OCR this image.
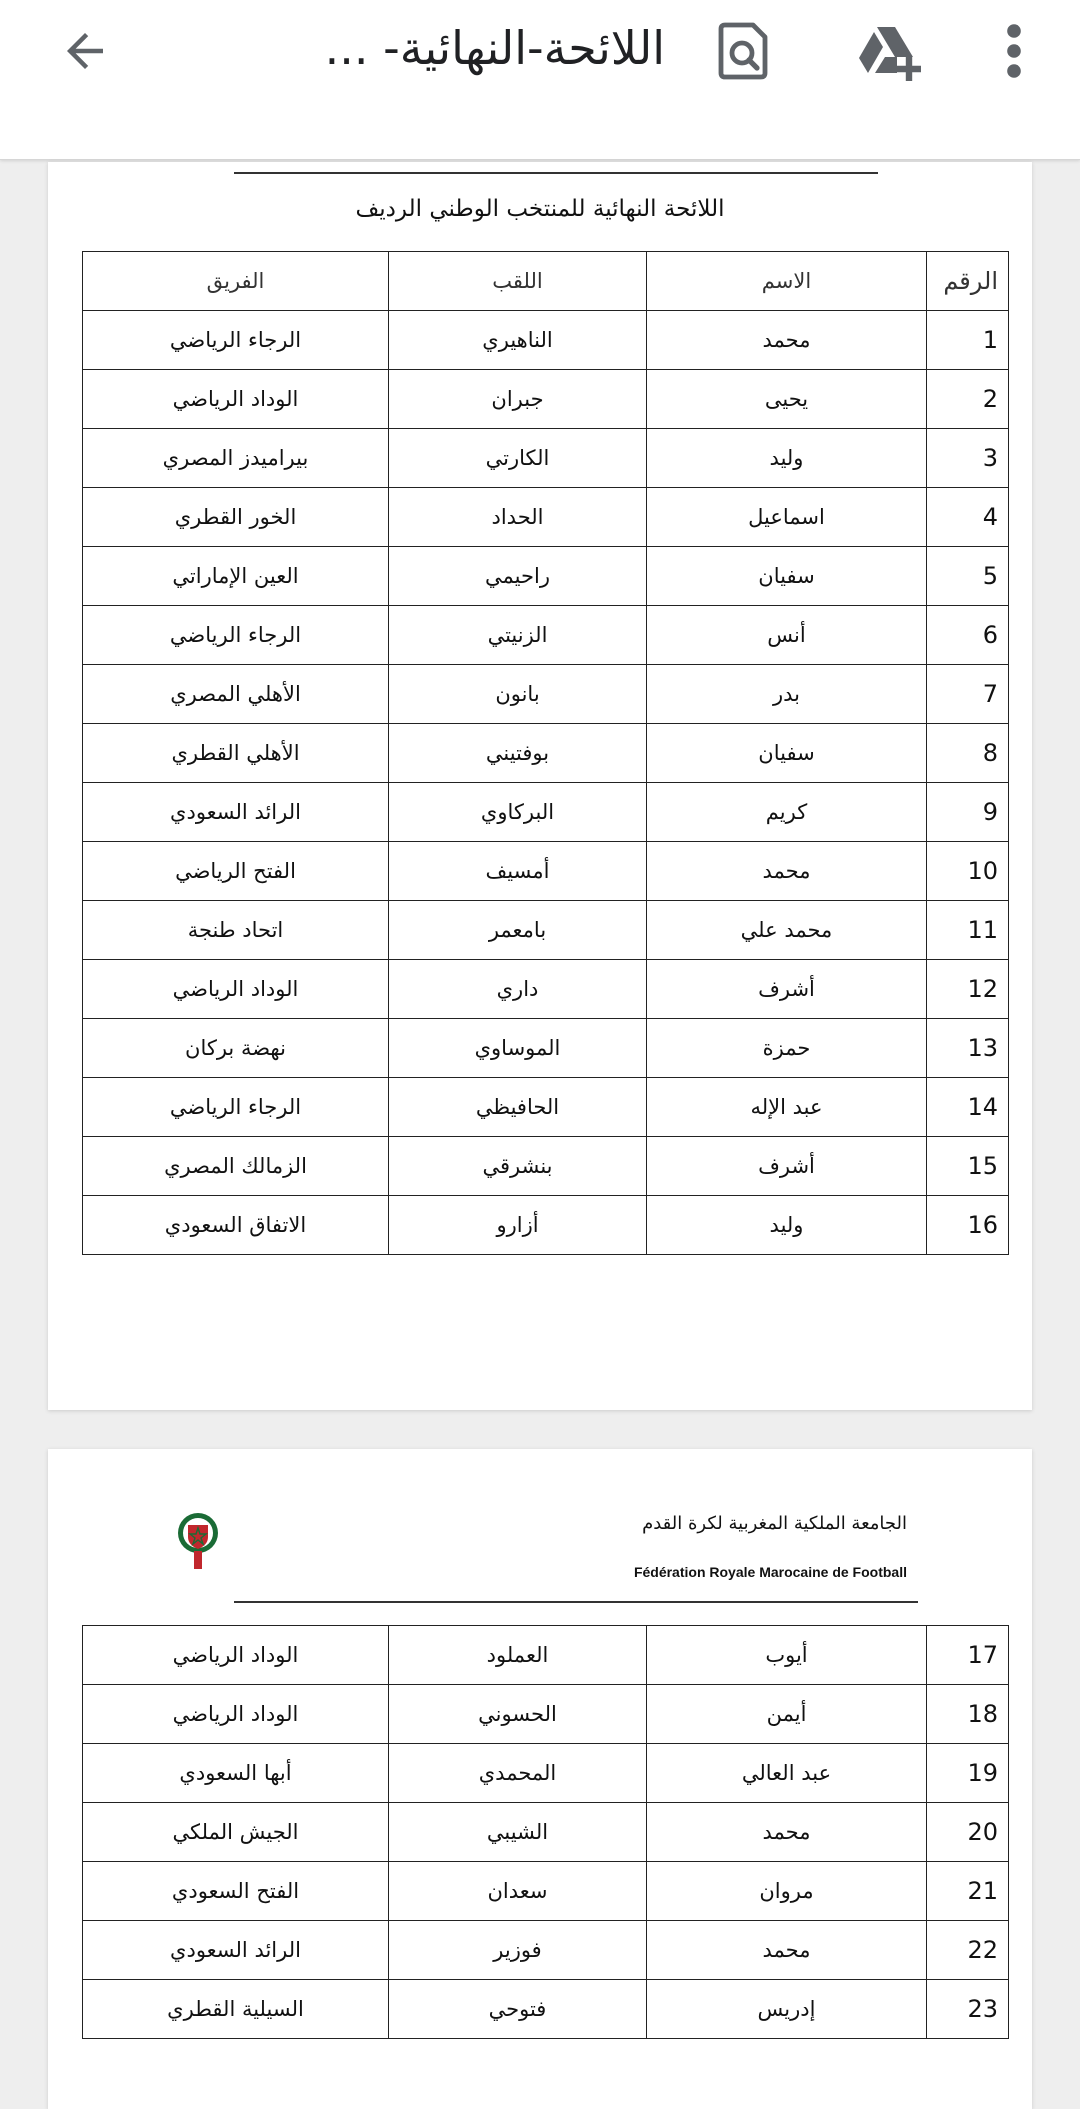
اللائحة-النهائية- ...
اللائحة النهائية للمنتخب الوطني الرديف
الرقم	الاسم	اللقب	الفريق
1	محمد	الناهيري	الرجاء الرياضي
2	يحيى	جبران	الوداد الرياضي
3	وليد	الكارتي	بيراميدز المصري
4	اسماعيل	الحداد	الخور القطري
5	سفيان	راحيمي	العين الإماراتي
6	أنس	الزنيتي	الرجاء الرياضي
7	بدر	بانون	الأهلي المصري
8	سفيان	بوفتيني	الأهلي القطري
9	كريم	البركاوي	الرائد السعودي
10	محمد	أمسيف	الفتح الرياضي
11	محمد علي	بامعمر	اتحاد طنجة
12	أشرف	داري	الوداد الرياضي
13	حمزة	الموساوي	نهضة بركان
14	عبد الإله	الحافيظي	الرجاء الرياضي
15	أشرف	بنشرقي	الزمالك المصري
16	وليد	أزارو	الاتفاق السعودي
الجامعة الملكية المغربية لكرة القدم
Fédération Royale Marocaine de Football
17	أيوب	العملود	الوداد الرياضي
18	أيمن	الحسوني	الوداد الرياضي
19	عبد العالي	المحمدي	أبها السعودي
20	محمد	الشيبي	الجيش الملكي
21	مروان	سعدان	الفتح السعودي
22	محمد	فوزير	الرائد السعودي
23	إدريس	فتوحي	السيلية القطري
